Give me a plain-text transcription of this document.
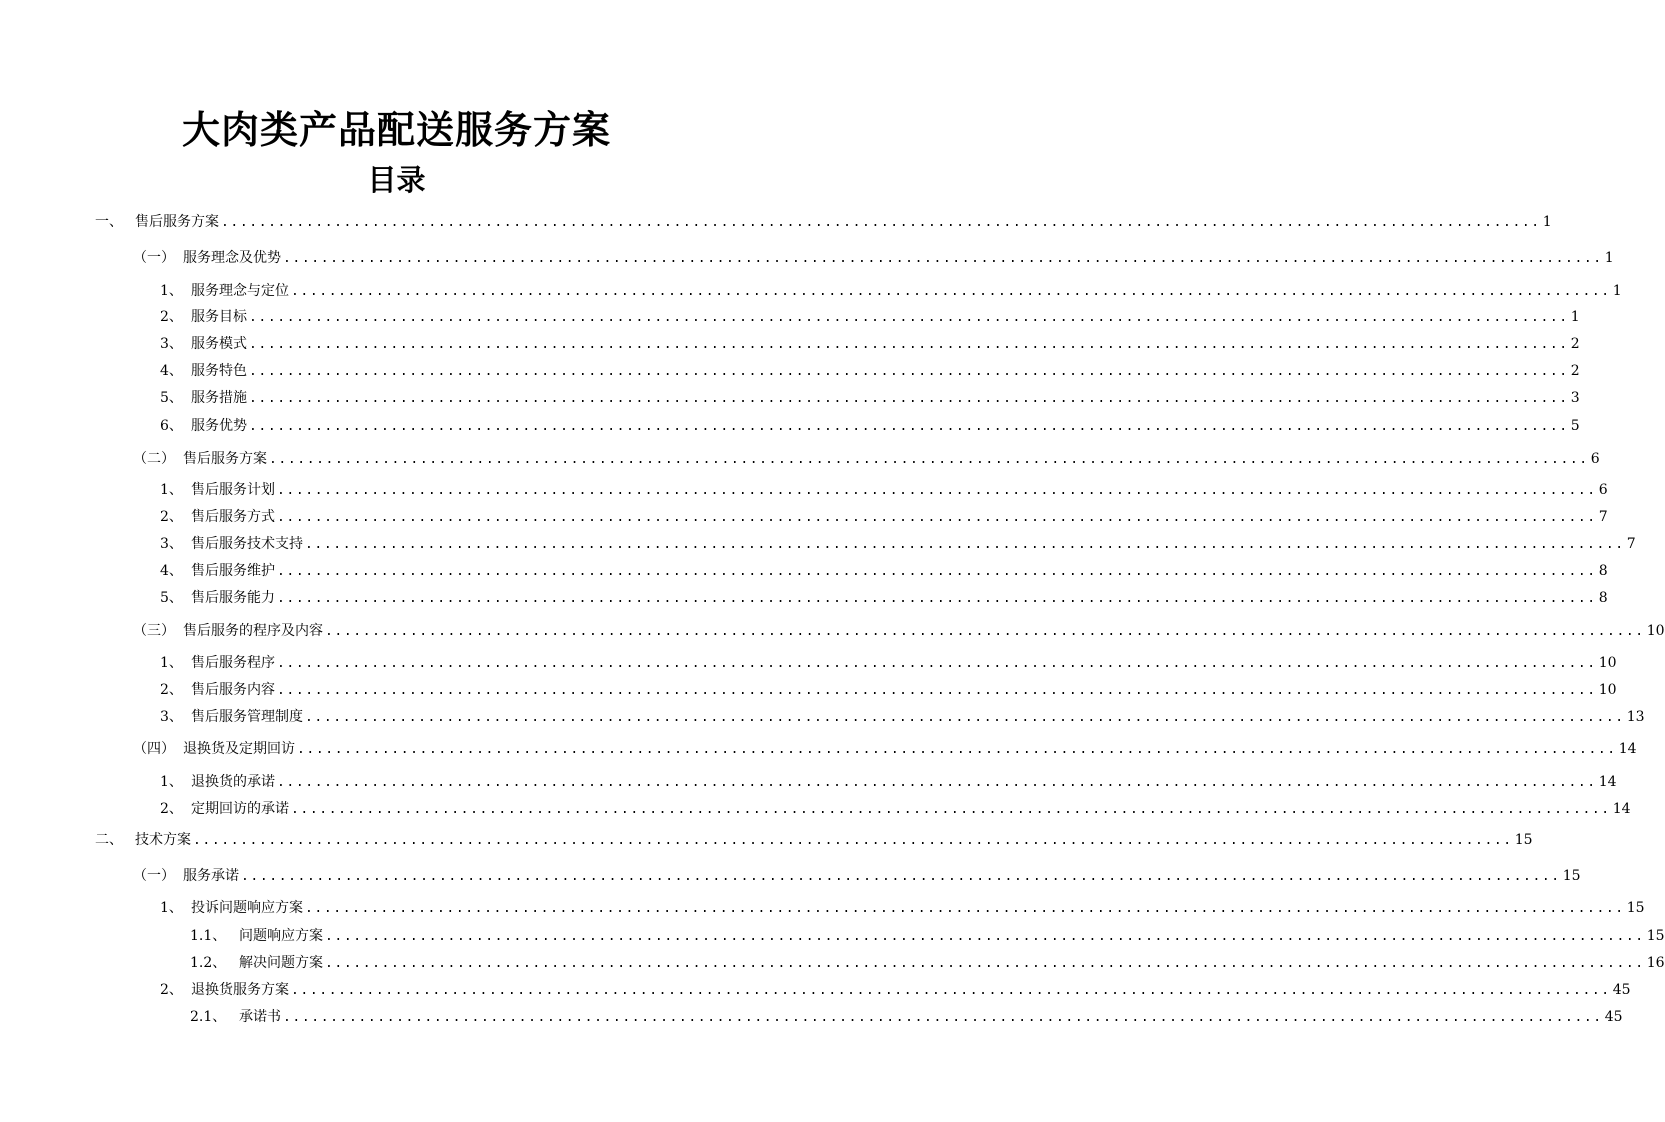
大肉类产品配送服务方案
目录
一、 售后服务方案 ............................................................................................................................................ 1
（一） 服务理念及优势 ............................................................................................................................................ 1
1、 服务理念与定位 ............................................................................................................................................ 1
2、 服务目标 ............................................................................................................................................ 1
3、 服务模式 ............................................................................................................................................ 2
4、 服务特色 ............................................................................................................................................ 2
5、 服务措施 ............................................................................................................................................ 3
6、 服务优势 ............................................................................................................................................ 5
（二） 售后服务方案 ............................................................................................................................................ 6
1、 售后服务计划 ............................................................................................................................................ 6
2、 售后服务方式 ............................................................................................................................................ 7
3、 售后服务技术支持 ............................................................................................................................................ 7
4、 售后服务维护 ............................................................................................................................................ 8
5、 售后服务能力 ............................................................................................................................................ 8
（三） 售后服务的程序及内容 ............................................................................................................................................ 10
1、 售后服务程序 ............................................................................................................................................ 10
2、 售后服务内容 ............................................................................................................................................ 10
3、 售后服务管理制度 ............................................................................................................................................ 13
（四） 退换货及定期回访 ............................................................................................................................................ 14
1、 退换货的承诺 ............................................................................................................................................ 14
2、 定期回访的承诺 ............................................................................................................................................ 14
二、 技术方案 ............................................................................................................................................ 15
（一） 服务承诺 ............................................................................................................................................ 15
1、 投诉问题响应方案 ............................................................................................................................................ 15
1.1、 问题响应方案 ............................................................................................................................................ 15
1.2、 解决问题方案 ............................................................................................................................................ 16
2、 退换货服务方案 ............................................................................................................................................ 45
2.1、 承诺书 ............................................................................................................................................ 45
